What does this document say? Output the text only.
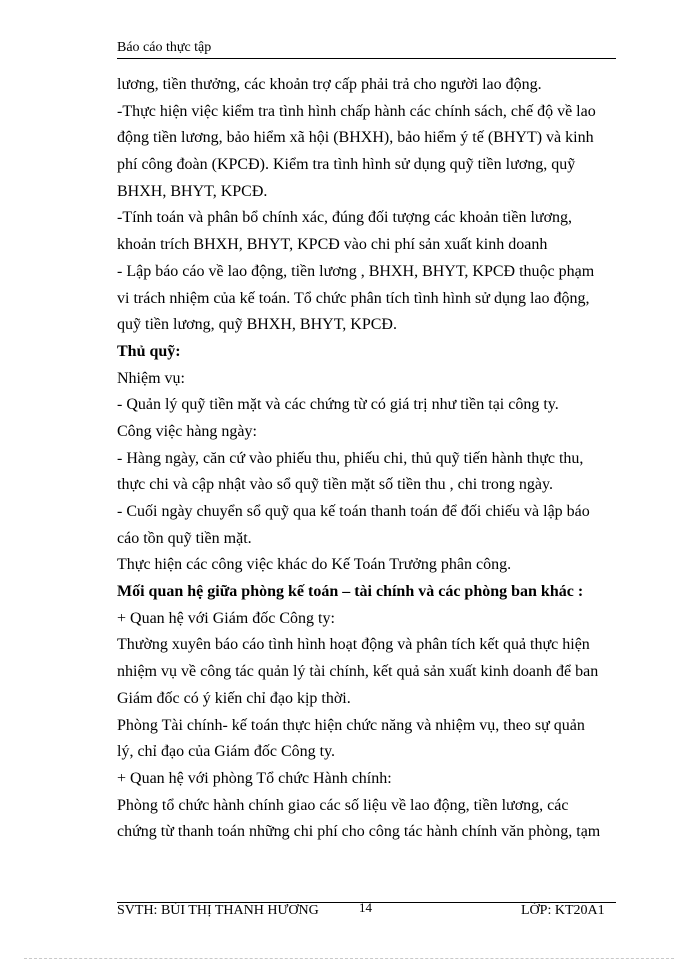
Báo cáo thực tập
lương, tiền thưởng, các khoản trợ cấp phải trả cho người lao động.
-Thực hiện việc kiểm tra tình hình chấp hành các chính sách, chế độ về lao
động tiền lương, bảo hiểm xã hội (BHXH), bảo hiểm ý tế (BHYT) và kinh
phí công đoàn (KPCĐ). Kiểm tra tình hình sử dụng quỹ tiền lương, quỹ
BHXH, BHYT, KPCĐ.
-Tính toán và phân bổ chính xác, đúng đối tượng các khoản tiền lương,
khoản trích BHXH, BHYT, KPCĐ vào chi phí sản xuất kinh doanh
- Lập báo cáo về lao động, tiền lương , BHXH, BHYT, KPCĐ thuộc phạm
vi trách nhiệm của kế toán. Tổ chức phân tích tình hình sử dụng lao động,
quỹ tiền lương, quỹ BHXH, BHYT, KPCĐ.
Thủ quỹ:
Nhiệm vụ:
- Quản lý quỹ tiền mặt và các chứng từ có giá trị như tiền tại công ty.
Công việc hàng ngày:
- Hàng ngày, căn cứ vào phiếu thu, phiếu chi, thủ quỹ tiến hành thực thu,
thực chi và cập nhật vào sổ quỹ tiền mặt số tiền thu , chi trong ngày.
- Cuối ngày chuyển sổ quỹ qua kế toán thanh toán để đối chiếu và lập báo
cáo tồn quỹ tiền mặt.
Thực hiện các công việc khác do Kế Toán Trưởng phân công.
Mối quan hệ giữa phòng kế toán – tài chính và các phòng ban khác :
+ Quan hệ với Giám đốc Công ty:
Thường xuyên báo cáo tình hình hoạt động và phân tích kết quả thực hiện
nhiệm vụ về công tác quản lý tài chính, kết quả sản xuất kinh doanh để ban
Giám đốc có ý kiến chỉ đạo kịp thời.
Phòng Tài chính- kế toán thực hiện chức năng và nhiệm vụ, theo sự quản
lý, chỉ đạo của Giám đốc Công ty.
+ Quan hệ với phòng Tổ chức Hành chính:
Phòng tổ chức hành chính giao các số liệu về lao động, tiền lương, các
chứng từ thanh toán những chi phí cho công tác hành chính văn phòng, tạm
SVTH: BÙI THỊ THANH HƯƠNG	14	LỚP: KT20A1
